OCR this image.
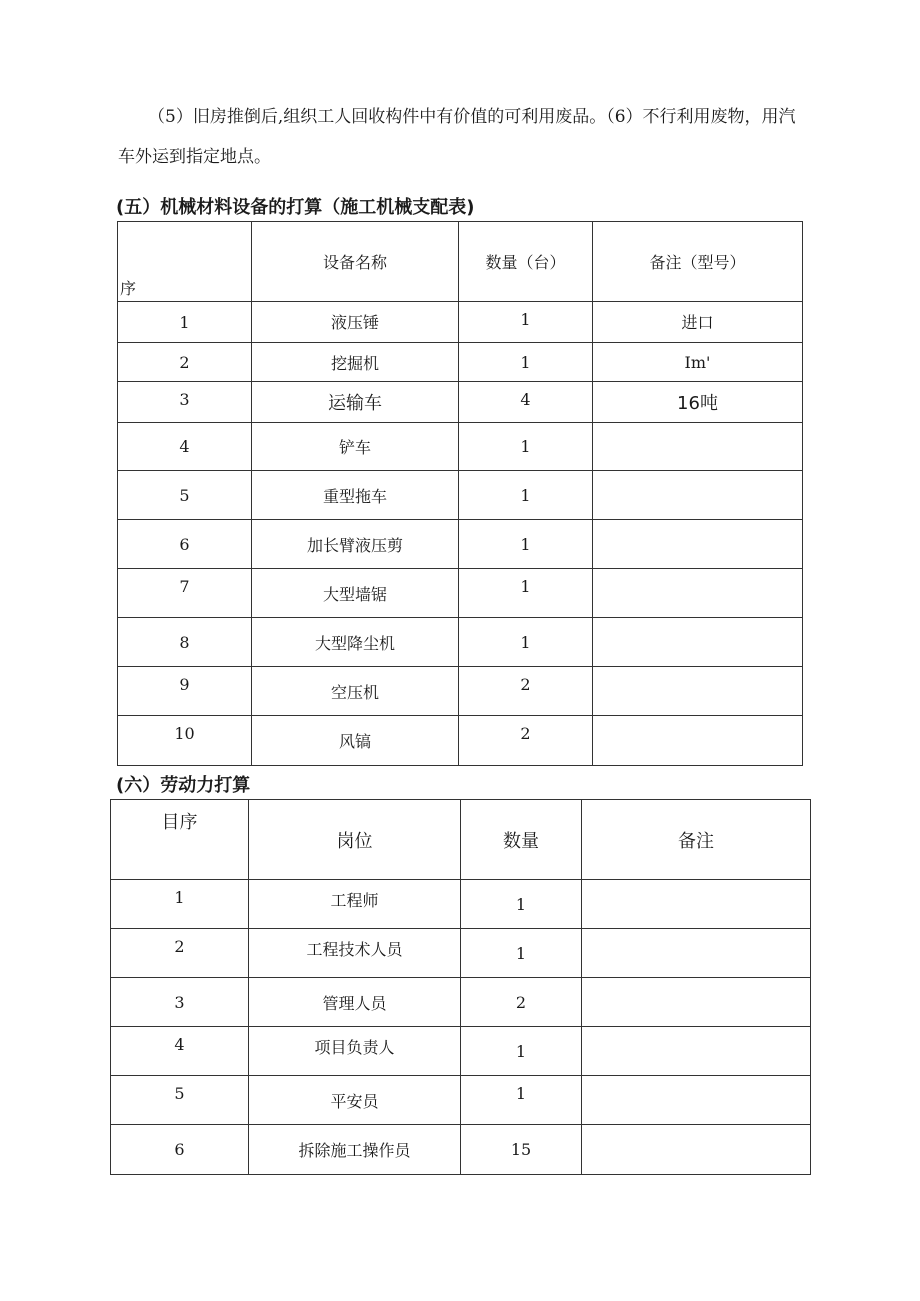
（5）旧房推倒后,组织工人回收构件中有价值的可利用废品。（6）不行利用废物，用汽车外运到指定地点。

(五）机械材料设备的打算（施工机械支配表)
序	设备名称	数量（台）	备注（型号）
1	液压锤	1	进口
2	挖掘机	1	Im'
3	运输车	4	16吨
4	铲车	1	
5	重型拖车	1	
6	加长臂液压剪	1	
7	大型墙锯	1	
8	大型降尘机	1	
9	空压机	2	
10	风镐	2	
(六）劳动力打算
目序	岗位	数量	备注
1	工程师	1	
2	工程技术人员	1	
3	管理人员	2	
4	项目负责人	1	
5	平安员	1	
6	拆除施工操作员	15	
